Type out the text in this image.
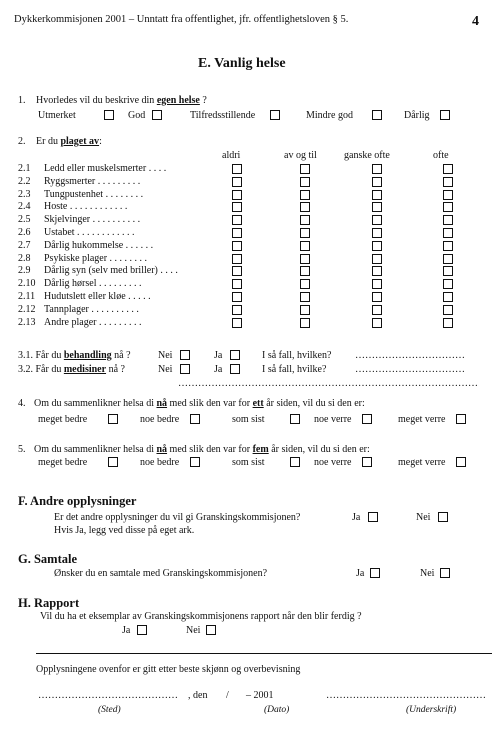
Dykkerkommisjonen 2001 – Unntatt fra offentlighet, jfr. offentlighetsloven § 5.	4
E. Vanlig helse
1. Hvorledes vil du beskrive din egen helse ?
Utmerket	God	Tilfredsstillende	Mindre god	Dårlig
2. Er du plaget av:
aldri	av og til	ganske ofte	ofte
2.1 Ledd eller muskelsmerter . . . .
2.2 Ryggsmerter . . . . . . . . .
2.3 Tungpustenhet . . . . . . . .
2.4 Hoste . . . . . . . . . . . .
2.5 Skjelvinger . . . . . . . . . .
2.6 Ustabet . . . . . . . . . . . .
2.7 Dårlig hukommelse . . . . . .
2.8 Psykiske plager . . . . . . . .
2.9 Dårlig syn (selv med briller) . . . .
2.10 Dårlig hørsel . . . . . . . . .
2.11 Hudutslett eller kløe . . . . .
2.12 Tannplager . . . . . . . . . .
2.13 Andre plager . . . . . . . . .
3.1. Får du behandling nå ?	Nei	Ja	I så fall, hvilken? ……………………………
3.2. Får du medisiner nå ?	Nei	Ja	I så fall, hvilke?	……………………………
………………………………………………………………………………
4. Om du sammenlikner helsa di nå med slik den var for ett år siden, vil du si den er:
meget bedre	noe bedre	som sist	noe verre	meget verre
5. Om du sammenlikner helsa di nå med slik den var for fem år siden, vil du si den er:
meget bedre	noe bedre	som sist	noe verre	meget verre
F. Andre opplysninger
Er det andre opplysninger du vil gi Granskingskommisjonen?	Ja	Nei
Hvis Ja, legg ved disse på eget ark.
G. Samtale
Ønsker du en samtale med Granskingskommisjonen?	Ja	Nei
H. Rapport
Vil du ha et eksemplar av Granskingskommisjonens rapport når den blir ferdig ?
Ja	Nei
Opplysningene ovenfor er gitt etter beste skjønn og overbevisning
…………………………………… , den / – 2001	…………………………………………
(Sted)	(Dato)	(Underskrift)
